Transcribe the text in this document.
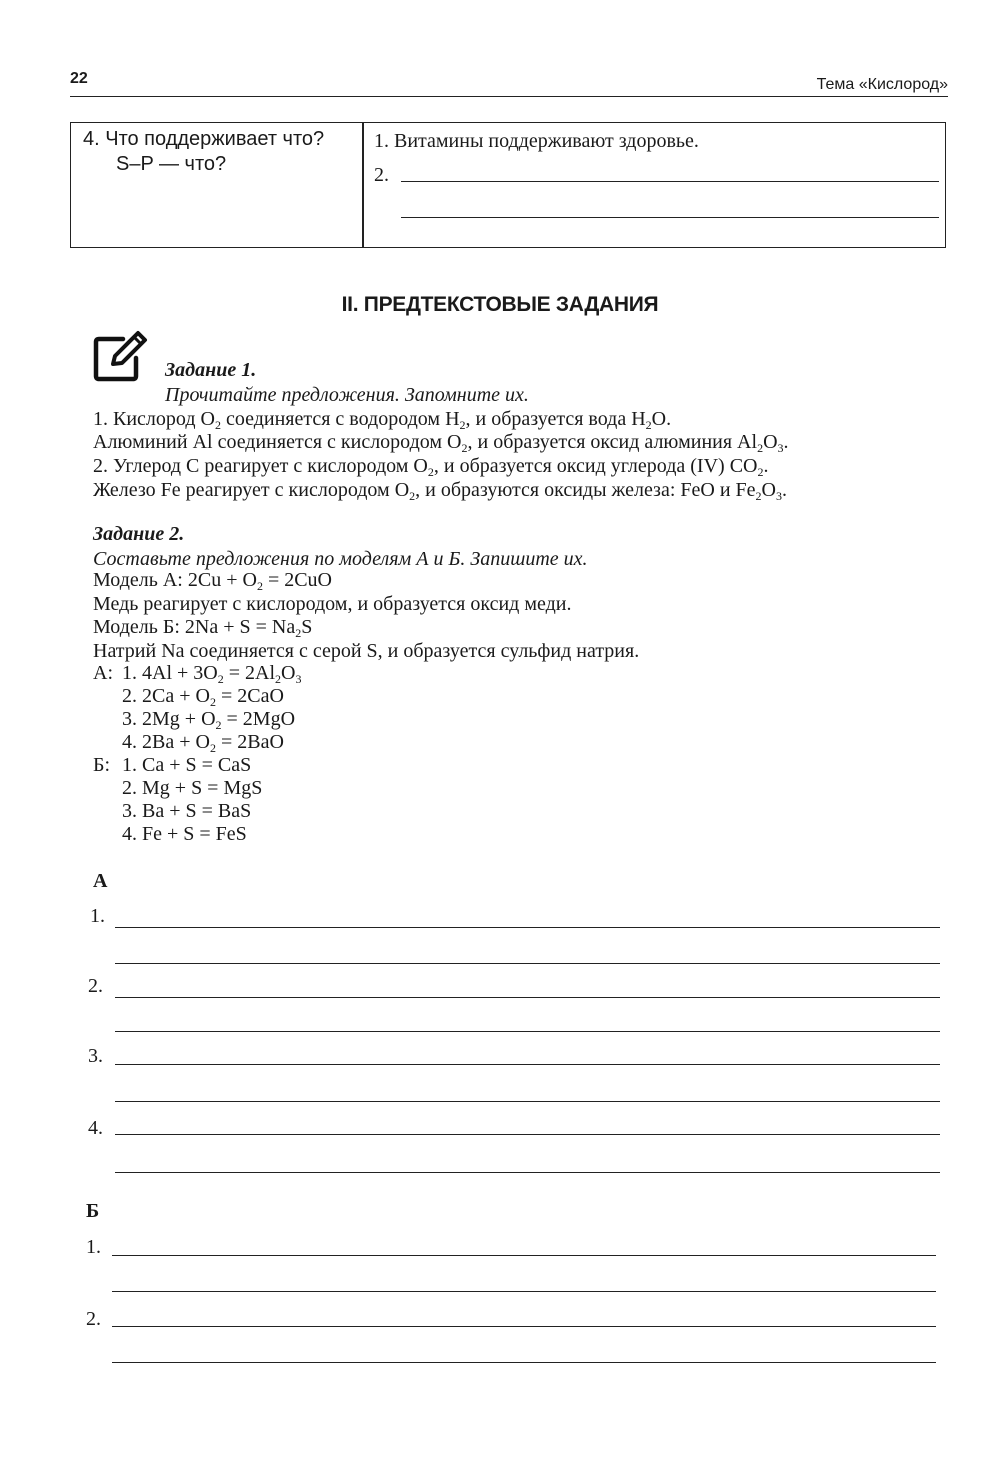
22	Тема «Кислород»
4. Что поддерживает что?
S–P — что?
1. Витамины поддерживают здоровье.
2.
II. ПРЕДТЕКСТОВЫЕ ЗАДАНИЯ
Задание 1.
Прочитайте предложения. Запомните их.
1. Кислород $O_2$ соединяется с водородом $H_2$, и образуется вода $H_2O$.
Алюминий Al соединяется с кислородом $O_2$, и образуется оксид алюминия $Al_2O_3$.
2. Углерод C реагирует с кислородом $O_2$, и образуется оксид углерода (IV) $CO_2$.
Железо Fe реагирует с кислородом $O_2$, и образуются оксиды железа: FeO и $Fe_2O_3$.
Задание 2.
Составьте предложения по моделям А и Б. Запишите их.
Модель А: $2Cu + O_2 = 2CuO$
Медь реагирует с кислородом, и образуется оксид меди.
Модель Б: $2Na + S = Na_2S$
Натрий Na соединяется с серой S, и образуется сульфид натрия.
А: 1. $4Al + 3O_2 = 2Al_2O_3$
2. $2Ca + O_2 = 2CaO$
3. $2Mg + O_2 = 2MgO$
4. $2Ba + O_2 = 2BaO$
Б: 1. Ca + S = CaS
2. Mg + S = MgS
3. Ba + S = BaS
4. Fe + S = FeS
А
1.
2.
3.
4.
Б
1.
2.
